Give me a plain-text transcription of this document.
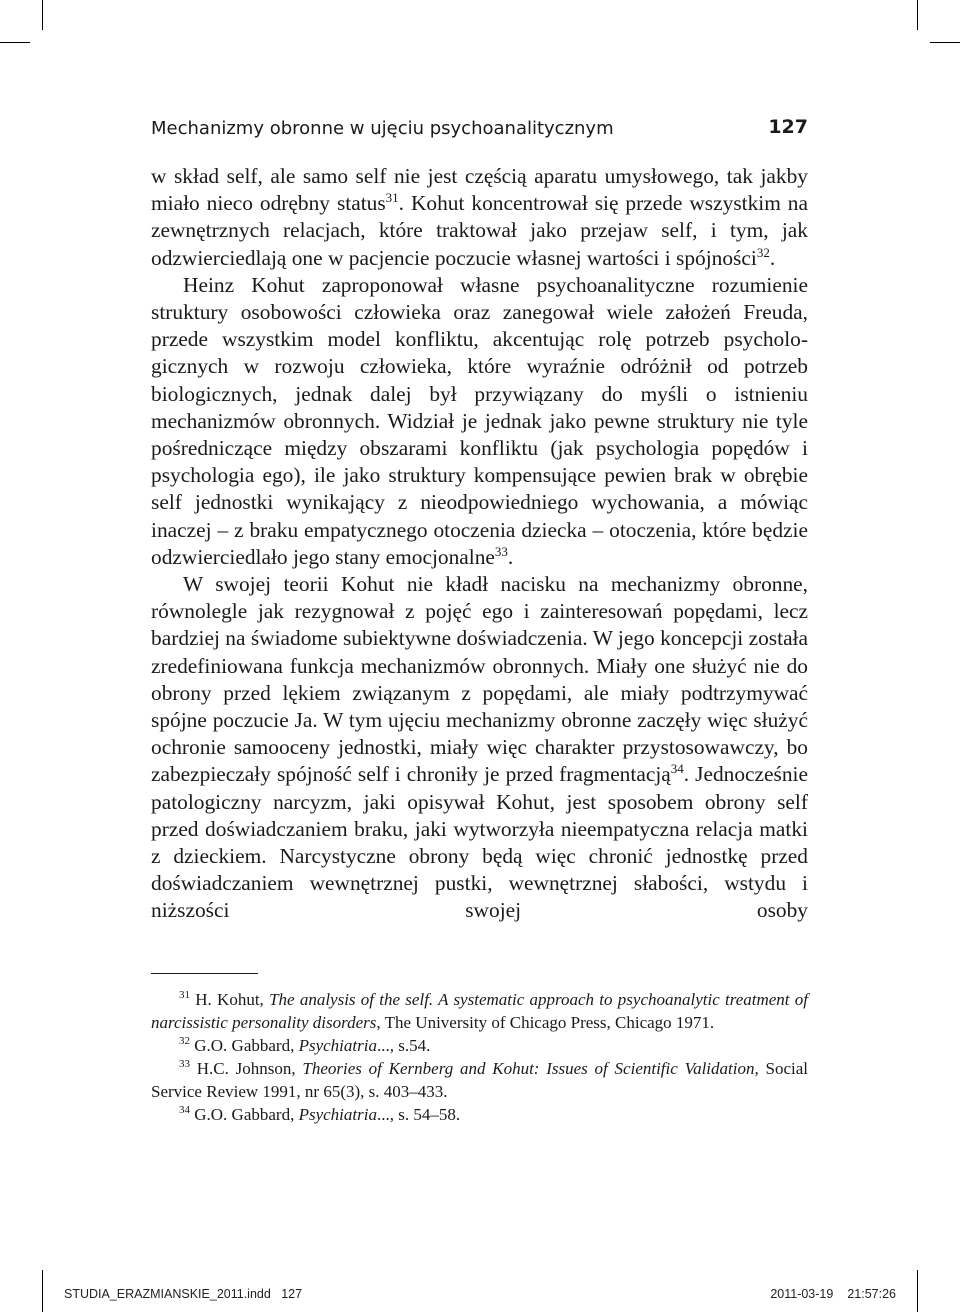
Mechanizmy obronne w ujęciu psychoanalitycznym	127

w skład self, ale samo self nie jest częścią aparatu umysłowego, tak jakby miało nieco odrębny status$^{31}$. Kohut koncentrował się przede wszystkim na zewnętrznych relacjach, które traktował jako przejaw self, i tym, jak odzwierciedlają one w pacjencie poczucie własnej wartości i spójności$^{32}$.

Heinz Kohut zaproponował własne psychoanalityczne rozumienie struktury osobowości człowieka oraz zanegował wiele założeń Freuda, przede wszystkim model konfliktu, akcentując rolę potrzeb psychologicznych w rozwoju człowieka, które wyraźnie odróżnił od potrzeb biologicznych, jednak dalej był przywiązany do myśli o istnieniu mechanizmów obronnych. Widział je jednak jako pewne struktury nie tyle pośredniczące między obszarami konfliktu (jak psychologia popędów i psychologia ego), ile jako struktury kompensujące pewien brak w obrębie self jednostki wynikający z nieodpowiedniego wychowania, a mówiąc inaczej – z braku empatycznego otoczenia dziecka – otoczenia, które będzie odzwierciedlało jego stany emocjonalne$^{33}$.

W swojej teorii Kohut nie kładł nacisku na mechanizmy obronne, równolegle jak rezygnował z pojęć ego i zainteresowań popędami, lecz bardziej na świadome subiektywne doświadczenia. W jego koncepcji została zredefiniowana funkcja mechanizmów obronnych. Miały one służyć nie do obrony przed lękiem związanym z popędami, ale miały podtrzymywać spójne poczucie Ja. W tym ujęciu mechanizmy obronne zaczęły więc służyć ochronie samooceny jednostki, miały więc charakter przystosowawczy, bo zabezpieczały spójność self i chroniły je przed fragmentacją$^{34}$. Jednocześnie patologiczny narcyzm, jaki opisywał Kohut, jest sposobem obrony self przed doświadczaniem braku, jaki wytworzyła nieempatyczna relacja matki z dzieckiem. Narcystyczne obrony będą więc chronić jednostkę przed doświadczaniem wewnętrznej pustki, wewnętrznej słabości, wstydu i niższości swojej osoby

$^{31}$ H. Kohut, The analysis of the self. A systematic approach to psychoanalytic treatment of narcissistic personality disorders, The University of Chicago Press, Chicago 1971.

$^{32}$ G.O. Gabbard, Psychiatria..., s.54.

$^{33}$ H.C. Johnson, Theories of Kernberg and Kohut: Issues of Scientific Validation, Social Service Review 1991, nr 65(3), s. 403–433.

$^{34}$ G.O. Gabbard, Psychiatria..., s. 54–58.

STUDIA_ERAZMIANSKIE_2011.indd   127	2011-03-19 21:57:26
